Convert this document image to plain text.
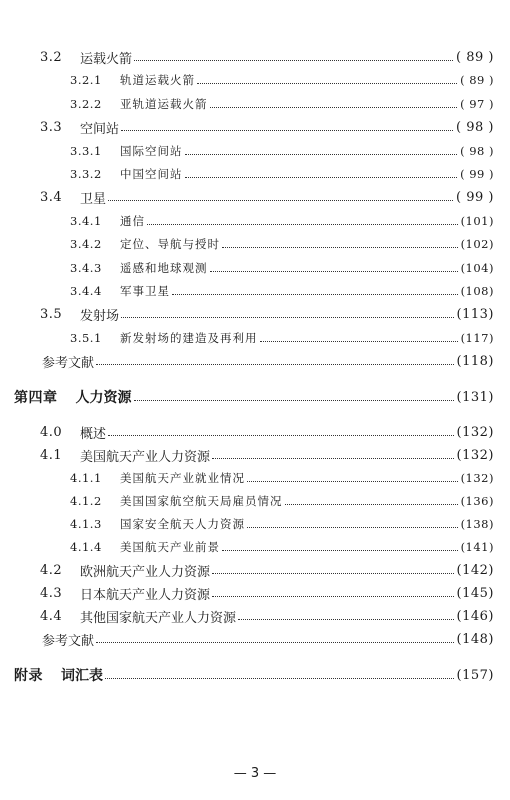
3.2	运载火箭	( 89 )
3.2.1	轨道运载火箭	( 89 )
3.2.2	亚轨道运载火箭	( 97 )
3.3	空间站	( 98 )
3.3.1	国际空间站	( 98 )
3.3.2	中国空间站	( 99 )
3.4	卫星	( 99 )
3.4.1	通信	(101)
3.4.2	定位、导航与授时	(102)
3.4.3	遥感和地球观测	(104)
3.4.4	军事卫星	(108)
3.5	发射场	(113)
3.5.1	新发射场的建造及再利用	(117)
参考文献	(118)
第四章 人力资源	(131)
4.0	概述	(132)
4.1	美国航天产业人力资源	(132)
4.1.1	美国航天产业就业情况	(132)
4.1.2	美国国家航空航天局雇员情况	(136)
4.1.3	国家安全航天人力资源	(138)
4.1.4	美国航天产业前景	(141)
4.2	欧洲航天产业人力资源	(142)
4.3	日本航天产业人力资源	(145)
4.4	其他国家航天产业人力资源	(146)
参考文献	(148)
附录 词汇表	(157)
— 3 —
